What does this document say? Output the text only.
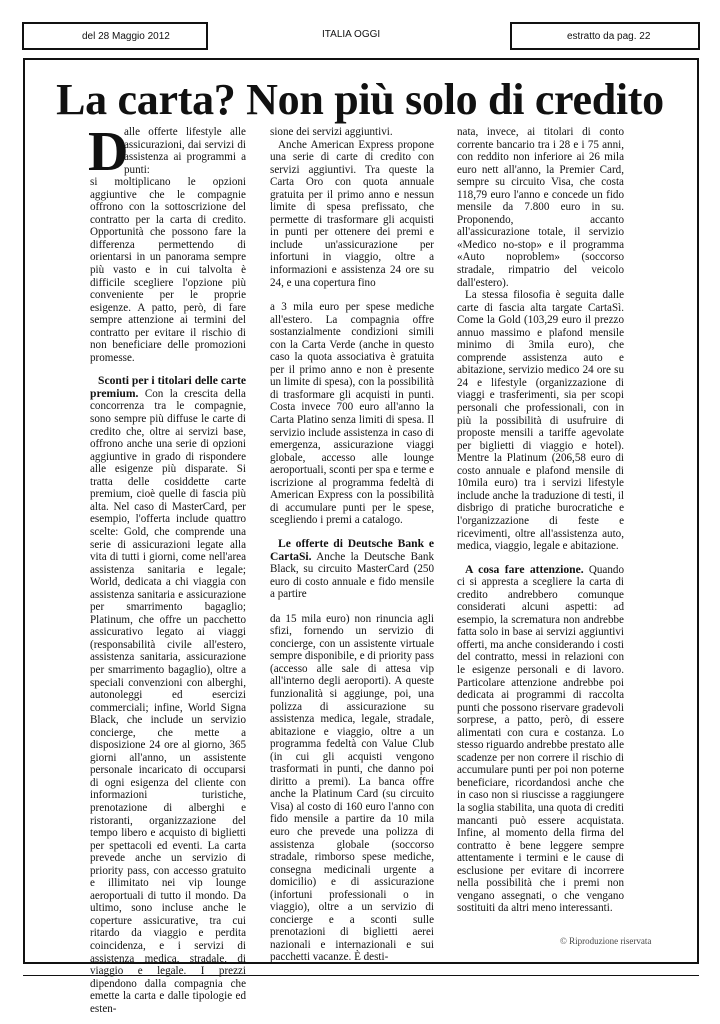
del 28 Maggio 2012	ITALIA OGGI	estratto da pag. 22
La carta? Non più solo di credito
D

alle offerte lifestyle alle assicurazioni, dai servizi di assistenza ai programmi a punti:
si moltiplicano le opzioni aggiuntive che le compagnie offrono con la sottoscrizione del contratto per la carta di credito. Opportunità che possono fare la differenza permettendo di orientarsi in un panorama sempre più vasto e in cui talvolta è difficile scegliere l'opzione più conveniente per le proprie esigenze. A patto, però, di fare sempre attenzione ai termini del contratto per evitare il rischio di non beneficiare delle promozioni promesse.

Sconti per i titolari delle carte premium. Con la crescita della concorrenza tra le compagnie, sono sempre più diffuse le carte di credito che, oltre ai servizi base, offrono anche una serie di opzioni aggiuntive in grado di rispondere alle esigenze più disparate. Si tratta delle cosiddette carte premium, cioè quelle di fascia più alta. Nel caso di MasterCard, per esempio, l'offerta include quattro scelte: Gold, che comprende una serie di assicurazioni legate alla vita di tutti i giorni, come nell'area assistenza sanitaria e legale; World, dedicata a chi viaggia con assistenza sanitaria e assicurazione per smarrimento bagaglio; Platinum, che offre un pacchetto assicurativo legato ai viaggi (responsabilità civile all'estero, assistenza sanitaria, assicurazione per smarrimento bagaglio), oltre a speciali convenzioni con alberghi, autonoleggi ed esercizi commerciali; infine, World Signa Black, che include un servizio concierge, che mette a disposizione 24 ore al giorno, 365 giorni all'anno, un assistente personale incaricato di occuparsi di ogni esigenza del cliente con informazioni turistiche, prenotazione di alberghi e ristoranti, organizzazione del tempo libero e acquisto di biglietti per spettacoli ed eventi. La carta prevede anche un servizio di priority pass, con accesso gratuito e illimitato nei vip lounge aeroportuali di tutto il mondo. Da ultimo, sono incluse anche le coperture assicurative, tra cui ritardo da viaggio e perdita coincidenza, e i servizi di assistenza medica, stradale, di viaggio e legale. I prezzi dipendono dalla compagnia che emette la carta e dalle tipologie ed esten-

sione dei servizi aggiuntivi.

Anche American Express propone una serie di carte di credito con servizi aggiuntivi. Tra queste la Carta Oro con quota annuale gratuita per il primo anno e nessun limite di spesa prefissato, che permette di trasformare gli acquisti in punti per ottenere dei premi e include un'assicurazione per infortuni in viaggio, oltre a informazioni e assistenza 24 ore su 24, e una copertura fino

a 3 mila euro per spese mediche all'estero. La compagnia offre sostanzialmente condizioni simili con la Carta Verde (anche in questo caso la quota associativa è gratuita per il primo anno e non è presente un limite di spesa), con la possibilità di trasformare gli acquisti in punti. Costa invece 700 euro all'anno la Carta Platino senza limiti di spesa. Il servizio include assistenza in caso di emergenza, assicurazione viaggi globale, accesso alle lounge aeroportuali, sconti per spa e terme e iscrizione al programma fedeltà di American Express con la possibilità di accumulare punti per le spese, scegliendo i premi a catalogo.

Le offerte di Deutsche Bank e CartaSi. Anche la Deutsche Bank Black, su circuito MasterCard (250 euro di costo annuale e fido mensile a partire

da 15 mila euro) non rinuncia agli sfizi, fornendo un servizio di concierge, con un assistente virtuale sempre disponibile, e di priority pass (accesso alle sale di attesa vip all'interno degli aeroporti). A queste funzionalità si aggiunge, poi, una polizza di assicurazione su assistenza medica, legale, stradale, abitazione e viaggio, oltre a un programma fedeltà con Value Club (in cui gli acquisti vengono trasformati in punti, che danno poi diritto a premi). La banca offre anche la Platinum Card (su circuito Visa) al costo di 160 euro l'anno con fido mensile a partire da 10 mila euro che prevede una polizza di assistenza globale (soccorso stradale, rimborso spese mediche, consegna medicinali urgente a domicilio) e di assicurazione (infortuni professionali o in viaggio), oltre a un servizio di concierge e a sconti sulle prenotazioni di biglietti aerei nazionali e internazionali e sui pacchetti vacanze. È desti-

nata, invece, ai titolari di conto corrente bancario tra i 28 e i 75 anni, con reddito non inferiore ai 26 mila euro nett all'anno, la Premier Card, sempre su circuito Visa, che costa 118,79 euro l'anno e concede un fido mensile da 7.800 euro in su. Proponendo, accanto all'assicurazione totale, il servizio «Medico no-stop» e il programma «Auto noproblem» (soccorso stradale, rimpatrio del veicolo dall'estero).

La stessa filosofia è seguita dalle carte di fascia alta targate CartaSì. Come la Gold (103,29 euro il prezzo annuo massimo e plafond mensile minimo di 3mila euro), che comprende assistenza auto e abitazione, servizio medico 24 ore su 24 e lifestyle (organizzazione di viaggi e trasferimenti, sia per scopi personali che professionali, con in più la possibilità di usufruire di proposte mensili a tariffe agevolate per biglietti di viaggio e hotel). Mentre la Platinum (206,58 euro di costo annuale e plafond mensile di 10mila euro) tra i servizi lifestyle include anche la traduzione di testi, il disbrigo di pratiche burocratiche e l'organizzazione di feste e ricevimenti, oltre all'assistenza auto, medica, viaggio, legale e abitazione.

A cosa fare attenzione. Quando ci si appresta a scegliere la carta di credito andrebbero comunque considerati alcuni aspetti: ad esempio, la scrematura non andrebbe fatta solo in base ai servizi aggiuntivi offerti, ma anche considerando i costi del contratto, messi in relazioni con le esigenze personali e di lavoro. Particolare attenzione andrebbe poi dedicata ai programmi di raccolta punti che possono riservare gradevoli sorprese, a patto, però, di essere alimentati con cura e costanza. Lo stesso riguardo andrebbe prestato alle scadenze per non correre il rischio di accumulare punti per poi non poterne beneficiare, ricordandosi anche che in caso non si riuscisse a raggiungere la soglia stabilita, una quota di crediti mancanti può essere acquistata. Infine, al momento della firma del contratto è bene leggere sempre attentamente i termini e le cause di esclusione per evitare di incorrere nella possibilità che i premi non vengano assegnati, o che vengano sostituiti da altri meno interessanti.

© Riproduzione riservata
